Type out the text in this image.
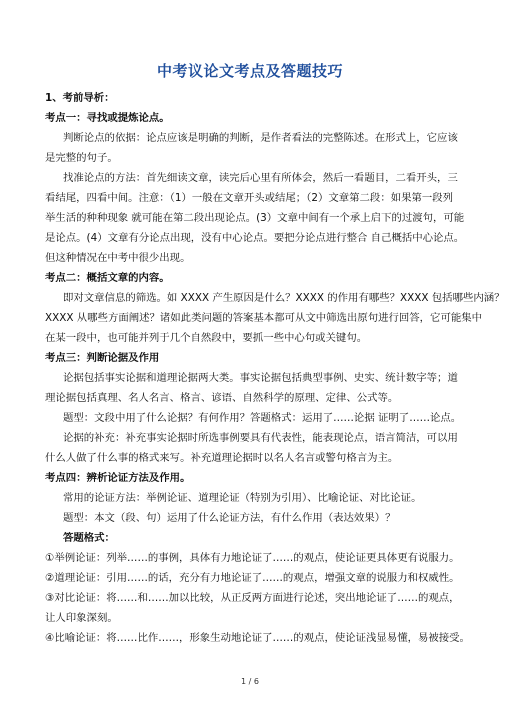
中考议论文考点及答题技巧
1、考前导析：
考点一：寻找或提炼论点。
判断论点的依据：论点应该是明确的判断，是作者看法的完整陈述。在形式上，它应该
是完整的句子。
找准论点的方法：首先细读文章，读完后心里有所体会，然后一看题目，二看开头，三
看结尾，四看中间。注意：（1）一般在文章开头或结尾；（2）文章第二段：如果第一段列
举生活的种种现象 就可能在第二段出现论点。(3）文章中间有一个承上启下的过渡句，可能
是论点。(4）文章有分论点出现，没有中心论点。要把分论点进行整合 自己概括中心论点。
但这种情况在中考中很少出现。
考点二：概括文章的内容。
即对文章信息的筛选。如 XXXX 产生原因是什么？XXXX 的作用有哪些？XXXX 包括哪些内涵？
XXXX 从哪些方面阐述？诸如此类问题的答案基本都可从文中筛选出原句进行回答，它可能集中
在某一段中，也可能并列于几个自然段中，要抓一些中心句或关键句。
考点三：判断论据及作用
论据包括事实论据和道理论据两大类。事实论据包括典型事例、史实、统计数字等；道
理论据包括真理、名人名言、格言、谚语、自然科学的原理、定律、公式等。
题型：文段中用了什么论据？有何作用？答题格式：运用了……论据 证明了……论点。
论据的补充：补充事实论据时所选事例要具有代表性，能表现论点，语言简洁，可以用
什么人做了什么事的格式来写。补充道理论据时以名人名言或警句格言为主。
考点四：辨析论证方法及作用。
常用的论证方法：举例论证、道理论证（特别为引用）、比喻论证、对比论证。
题型：本文（段、句）运用了什么论证方法，有什么作用（表达效果）？
答题格式：
①举例论证：列举……的事例，具体有力地论证了……的观点，使论证更具体更有说服力。
②道理论证：引用……的话，充分有力地论证了……的观点，增强文章的说服力和权威性。
③对比论证：将……和……加以比较，从正反两方面进行论述，突出地论证了……的观点，
让人印象深刻。
④比喻论证：将……比作……，形象生动地论证了……的观点，使论证浅显易懂，易被接受。
1 / 6
